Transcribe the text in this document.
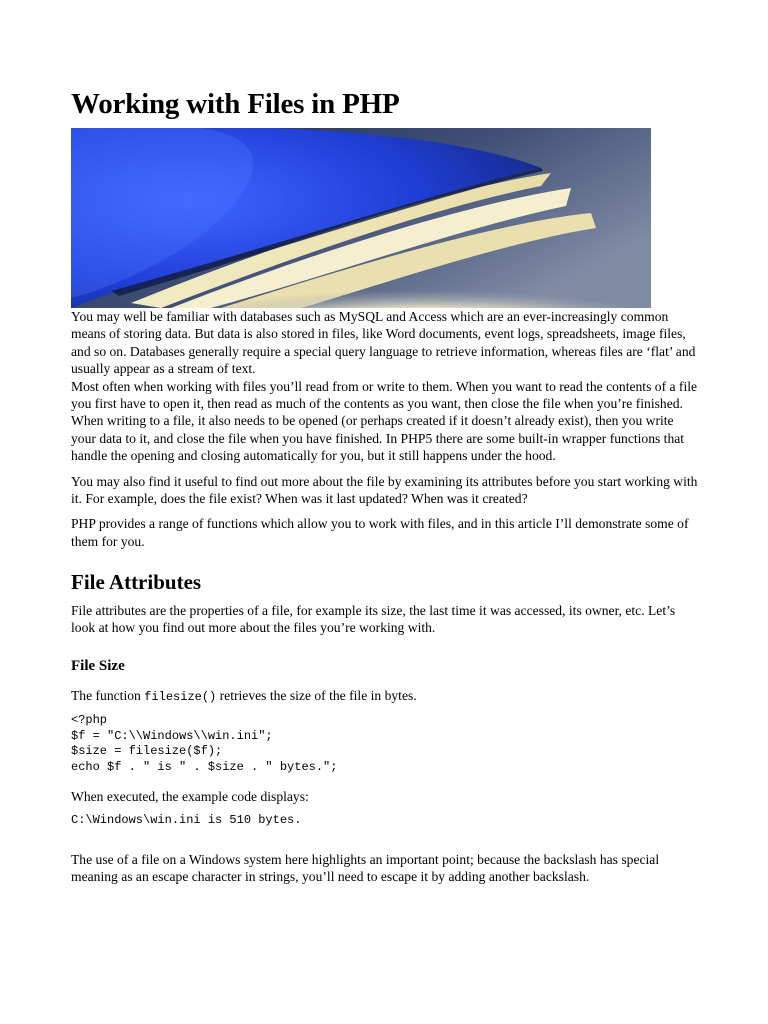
Working with Files in PHP

You may well be familiar with databases such as MySQL and Access which are an ever-increasingly common means of storing data. But data is also stored in files, like Word documents, event logs, spreadsheets, image files, and so on. Databases generally require a special query language to retrieve information, whereas files are ‘flat’ and usually appear as a stream of text.

Most often when working with files you’ll read from or write to them. When you want to read the contents of a file you first have to open it, then read as much of the contents as you want, then close the file when you’re finished. When writing to a file, it also needs to be opened (or perhaps created if it doesn’t already exist), then you write your data to it, and close the file when you have finished. In PHP5 there are some built-in wrapper functions that handle the opening and closing automatically for you, but it still happens under the hood.

You may also find it useful to find out more about the file by examining its attributes before you start working with it. For example, does the file exist? When was it last updated? When was it created?

PHP provides a range of functions which allow you to work with files, and in this article I’ll demonstrate some of them for you.

File Attributes

File attributes are the properties of a file, for example its size, the last time it was accessed, its owner, etc. Let’s look at how you find out more about the files you’re working with.

File Size

The function filesize() retrieves the size of the file in bytes.

<?php
$f = "C:\\Windows\\win.ini";
$size = filesize($f);
echo $f . " is " . $size . " bytes.";

When executed, the example code displays:

C:\Windows\win.ini is 510 bytes.

The use of a file on a Windows system here highlights an important point; because the backslash has special meaning as an escape character in strings, you’ll need to escape it by adding another backslash.
